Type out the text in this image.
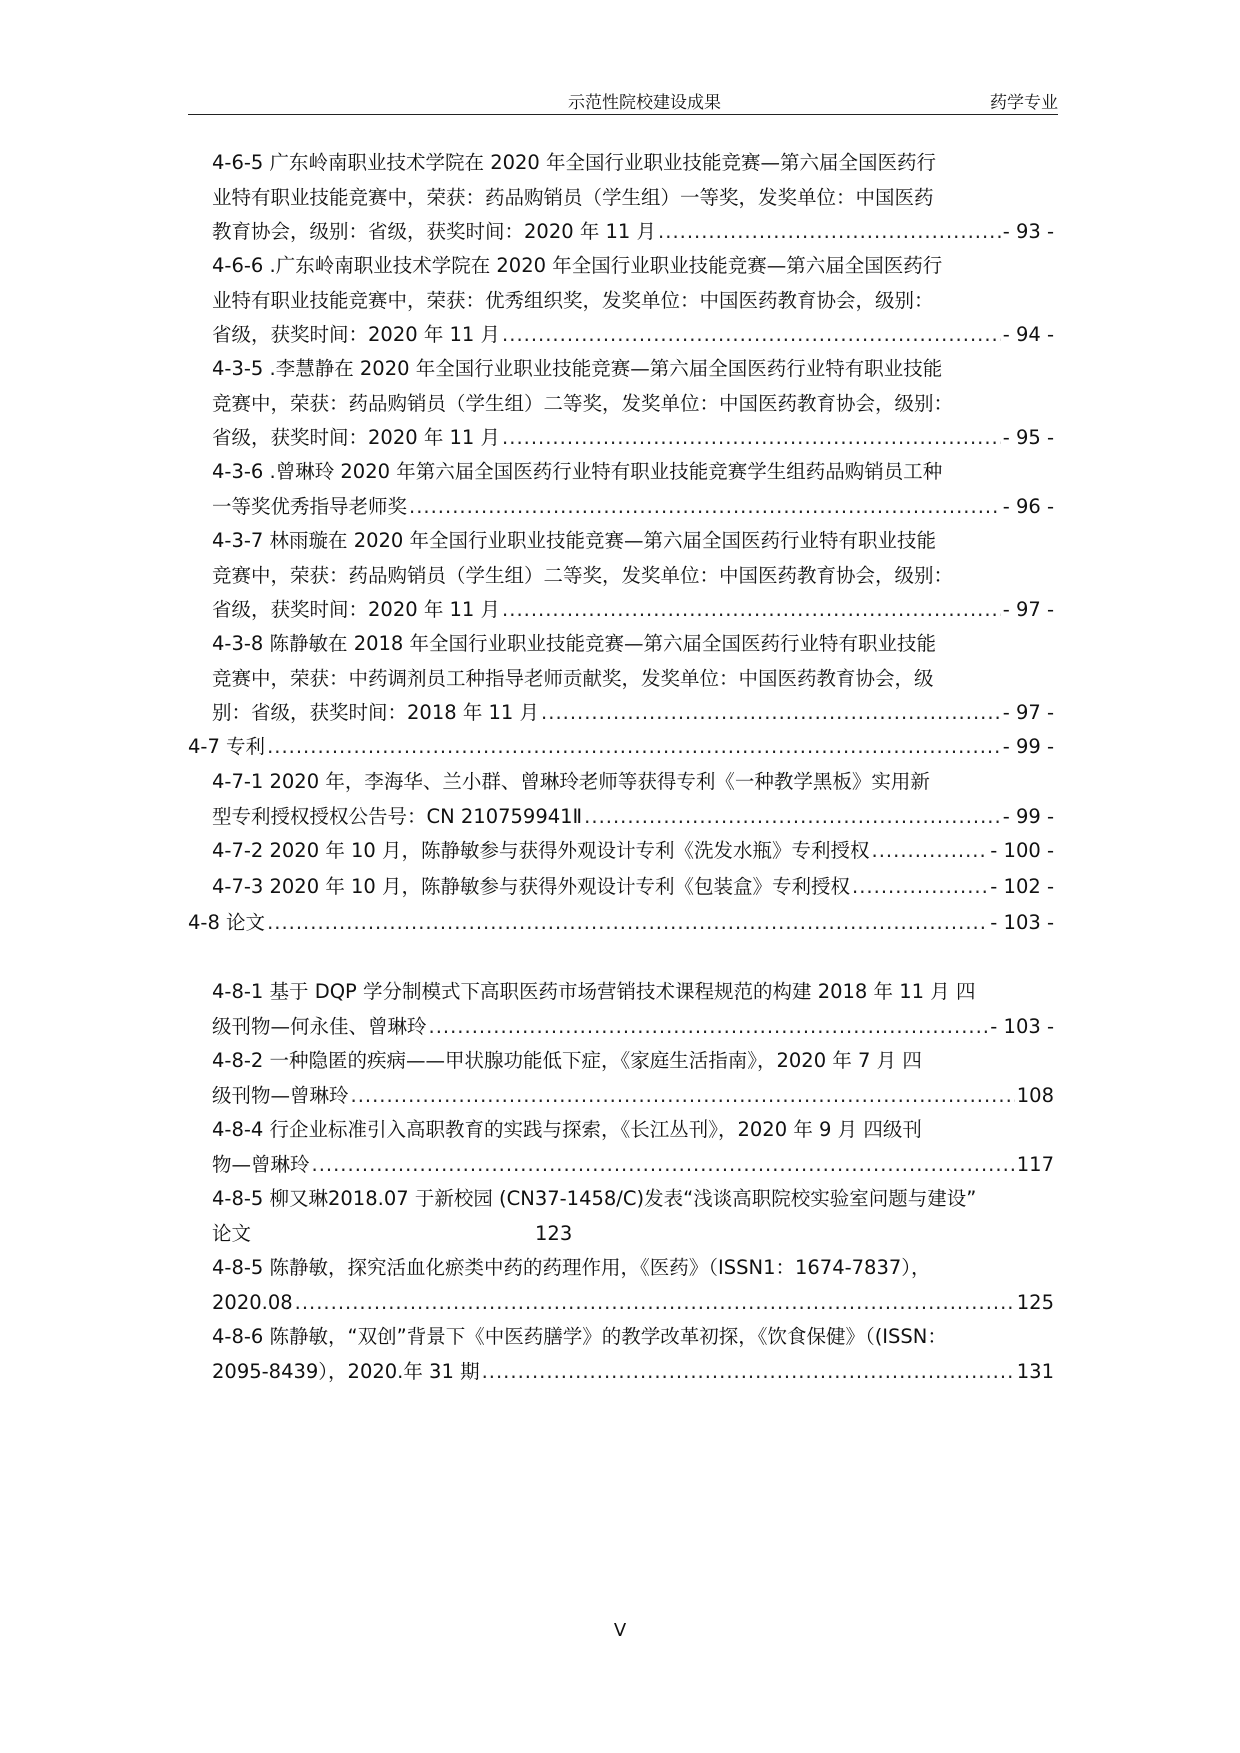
示范性院校建设成果	药学专业
4-6-5 广东岭南职业技术学院在 2020 年全国行业职业技能竞赛—第六届全国医药行
业特有职业技能竞赛中，荣获：药品购销员（学生组）一等奖，发奖单位：中国医药
教育协会，级别：省级，获奖时间：2020 年 11 月 .....	- 93 -
4-6-6 .广东岭南职业技术学院在 2020 年全国行业职业技能竞赛—第六届全国医药行
业特有职业技能竞赛中，荣获：优秀组织奖，发奖单位：中国医药教育协会，级别：
省级，获奖时间：2020 年 11 月 .....	- 94 -
4-3-5 .李慧静在 2020 年全国行业职业技能竞赛—第六届全国医药行业特有职业技能
竞赛中，荣获：药品购销员（学生组）二等奖，发奖单位：中国医药教育协会，级别：
省级，获奖时间：2020 年 11 月 .....	- 95 -
4-3-6 .曾琳玲 2020 年第六届全国医药行业特有职业技能竞赛学生组药品购销员工种
一等奖优秀指导老师奖 .....	- 96 -
4-3-7 林雨璇在 2020 年全国行业职业技能竞赛—第六届全国医药行业特有职业技能
竞赛中，荣获：药品购销员（学生组）二等奖，发奖单位：中国医药教育协会，级别：
省级，获奖时间：2020 年 11 月 .....	- 97 -
4-3-8 陈静敏在 2018 年全国行业职业技能竞赛—第六届全国医药行业特有职业技能
竞赛中，荣获：中药调剂员工种指导老师贡献奖，发奖单位：中国医药教育协会，级
别：省级，获奖时间：2018 年 11 月 .....	- 97 -
4-7 专利 .....	- 99 -
4-7-1 2020 年，李海华、兰小群、曾琳玲老师等获得专利《一种教学黑板》实用新
型专利授权授权公告号：CN 210759941Ⅱ .....	- 99 -
4-7-2 2020 年 10 月，陈静敏参与获得外观设计专利《洗发水瓶》专利授权 .....	- 100 -
4-7-3 2020 年 10 月，陈静敏参与获得外观设计专利《包装盒》专利授权 .....	- 102 -
4-8 论文 .....	- 103 -
4-8-1 基于 DQP 学分制模式下高职医药市场营销技术课程规范的构建 2018 年 11 月 四
级刊物—何永佳、曾琳玲 .....	- 103 -
4-8-2 一种隐匿的疾病——甲状腺功能低下症，《家庭生活指南》，2020 年 7 月 四
级刊物—曾琳玲 .....	108
4-8-4 行企业标准引入高职教育的实践与探索，《长江丛刊》，2020 年 9 月 四级刊
物—曾琳玲 .....	117
4-8-5 柳又琳2018.07 于新校园 (CN37-1458/C)发表“浅谈高职院校实验室问题与建设”
论文	123
4-8-5 陈静敏，探究活血化瘀类中药的药理作用，《医药》（ISSN1：1674-7837），
2020.08 .....	125
4-8-6 陈静敏，“双创”背景下《中医药膳学》的教学改革初探，《饮食保健》（(ISSN：
2095-8439），2020.年 31 期 .....	131
V
